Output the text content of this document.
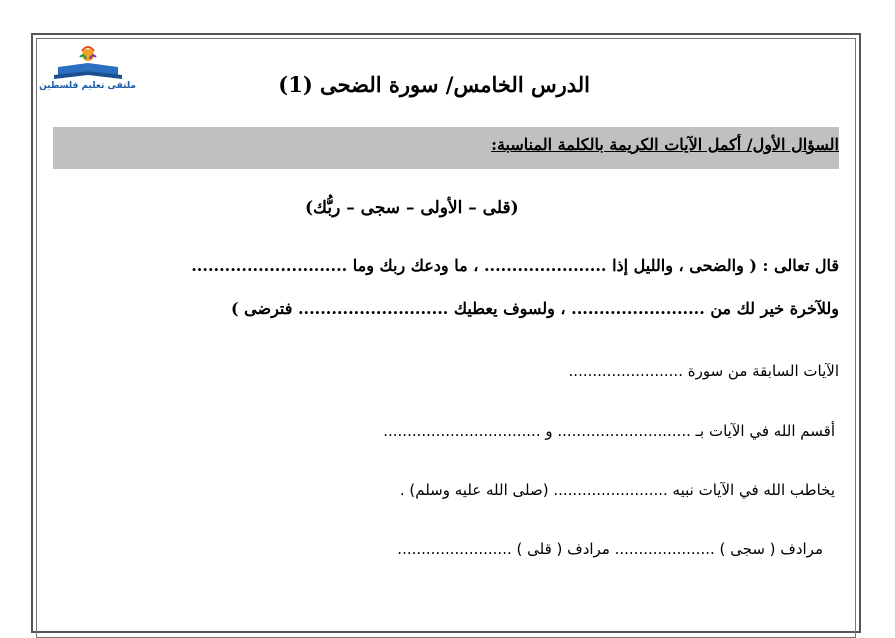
ملتقى تعليم فلسطين	الدرس الخامس/ سورة الضحى (1)
السؤال الأول/ أكمل الآيات الكريمة بالكلمة المناسبة:
(قلى – الأولى – سجى – ربُّك)
قال تعالى : ( والضحى ، والليل إذا ...................... ، ما ودعك ربك وما ............................
وللآخرة خير لك من ........................ ، ولسوف يعطيك ........................... فترضى )
الآيات السابقة من سورة ........................
أقسم الله في الآيات بـ ............................ و .................................
يخاطب الله في الآيات نبيه ........................ (صلى الله عليه وسلم) .
مرادف ( سجى ) ..................... مرادف ( قلى ) ........................
